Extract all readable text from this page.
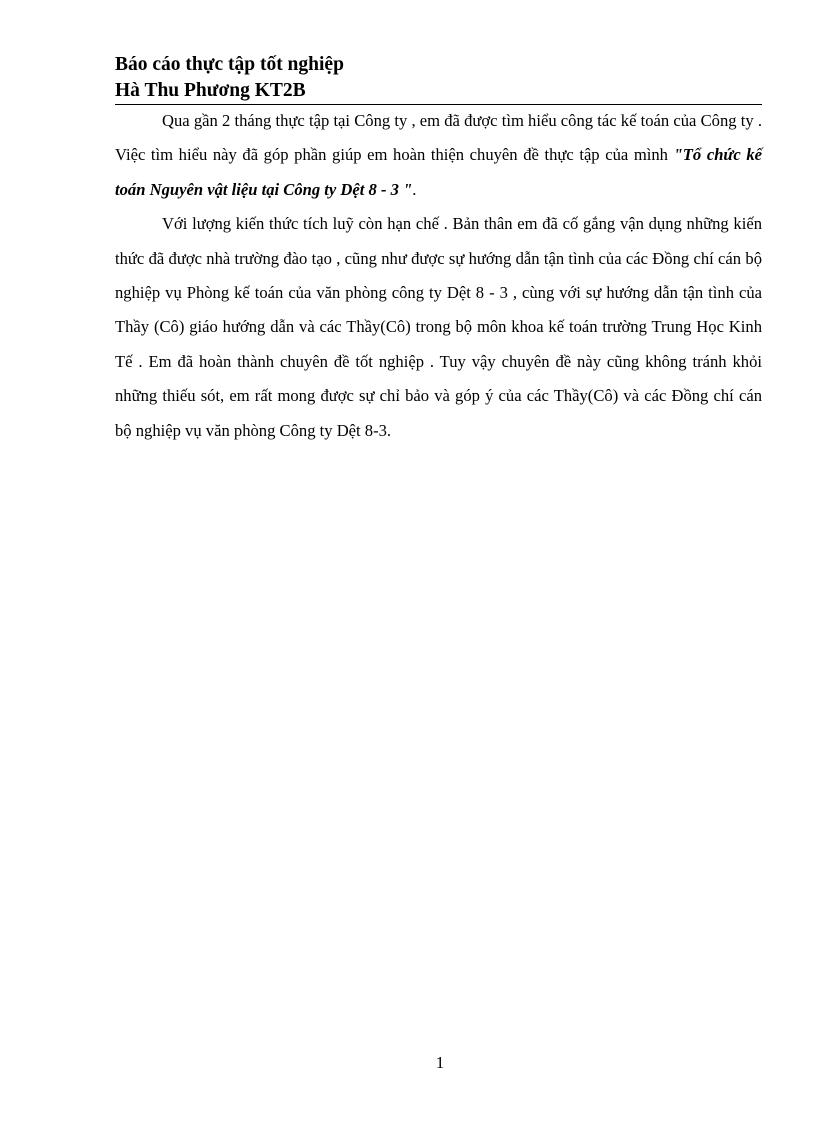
Báo cáo thực tập tốt nghiệp
Hà Thu Phương KT2B

Qua gần 2 tháng thực tập tại Công ty , em đã được tìm hiểu công tác kế toán của Công ty . Việc tìm hiểu này đã góp phần giúp em hoàn thiện chuyên đề thực tập của mình "Tổ chức kế toán Nguyên vật liệu tại Công ty Dệt 8 - 3 ".

Với lượng kiến thức tích luỹ còn hạn chế . Bản thân em đã cố gắng vận dụng những kiến thức đã được nhà trường đào tạo , cũng như được sự hướng dẫn tận tình của các Đồng chí cán bộ nghiệp vụ Phòng kế toán của văn phòng công ty Dệt 8 - 3 , cùng với sự hướng dẫn tận tình của Thầy (Cô) giáo hướng dẫn và các Thầy(Cô) trong bộ môn khoa kế toán trường Trung Học Kinh Tế . Em đã hoàn thành chuyên đề tốt nghiệp . Tuy vậy chuyên đề này cũng không tránh khỏi những thiếu sót, em rất mong được sự chỉ bảo và góp ý của các Thầy(Cô) và các Đồng chí cán bộ nghiệp vụ văn phòng Công ty Dệt 8-3.

1
